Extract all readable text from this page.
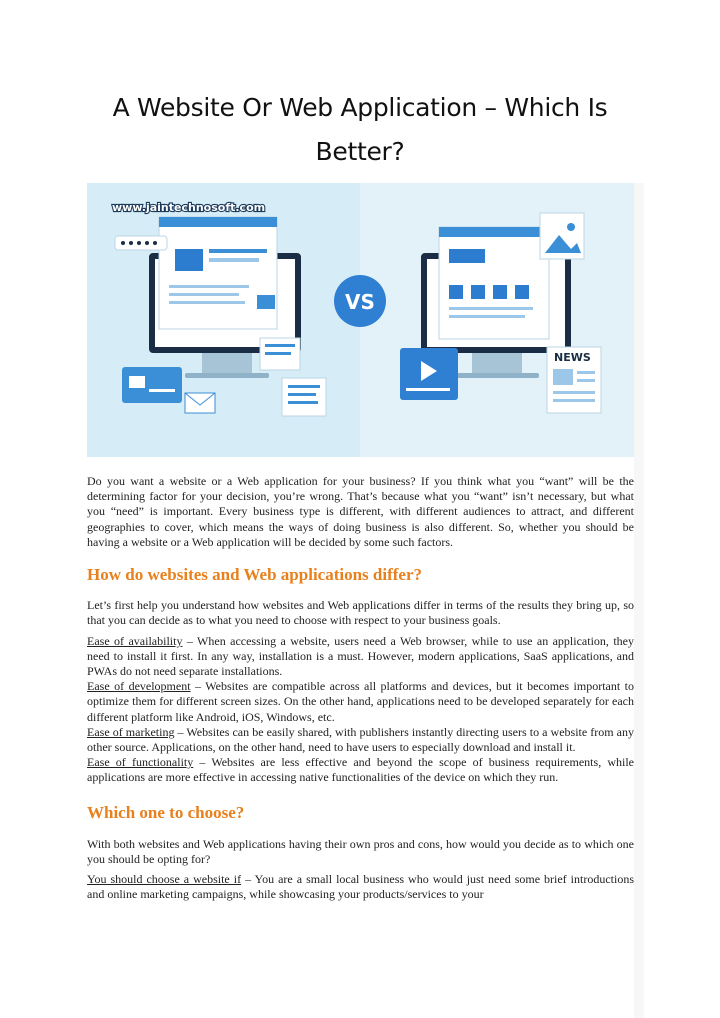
A Website Or Web Application – Which Is
Better?
www.jaintechnosoft.com
VS
NEWS

Do you want a website or a Web application for your business? If you think what you “want” will be the determining factor for your decision, you’re wrong. That’s because what you “want” isn’t necessary, but what you “need” is important. Every business type is different, with different audiences to attract, and different geographies to cover, which means the ways of doing business is also different. So, whether you should be having a website or a Web application will be decided by some such factors.

How do websites and Web applications differ?

Let’s first help you understand how websites and Web applications differ in terms of the results they bring up, so that you can decide as to what you need to choose with respect to your business goals.

Ease of availability – When accessing a website, users need a Web browser, while to use an application, they need to install it first. In any way, installation is a must. However, modern applications, SaaS applications, and PWAs do not need separate installations.

Ease of development – Websites are compatible across all platforms and devices, but it becomes important to optimize them for different screen sizes. On the other hand, applications need to be developed separately for each different platform like Android, iOS, Windows, etc.

Ease of marketing – Websites can be easily shared, with publishers instantly directing users to a website from any other source. Applications, on the other hand, need to have users to especially download and install it.

Ease of functionality – Websites are less effective and beyond the scope of business requirements, while applications are more effective in accessing native functionalities of the device on which they run.

Which one to choose?

With both websites and Web applications having their own pros and cons, how would you decide as to which one you should be opting for?

You should choose a website if – You are a small local business who would just need some brief introductions and online marketing campaigns, while showcasing your products/services to your
